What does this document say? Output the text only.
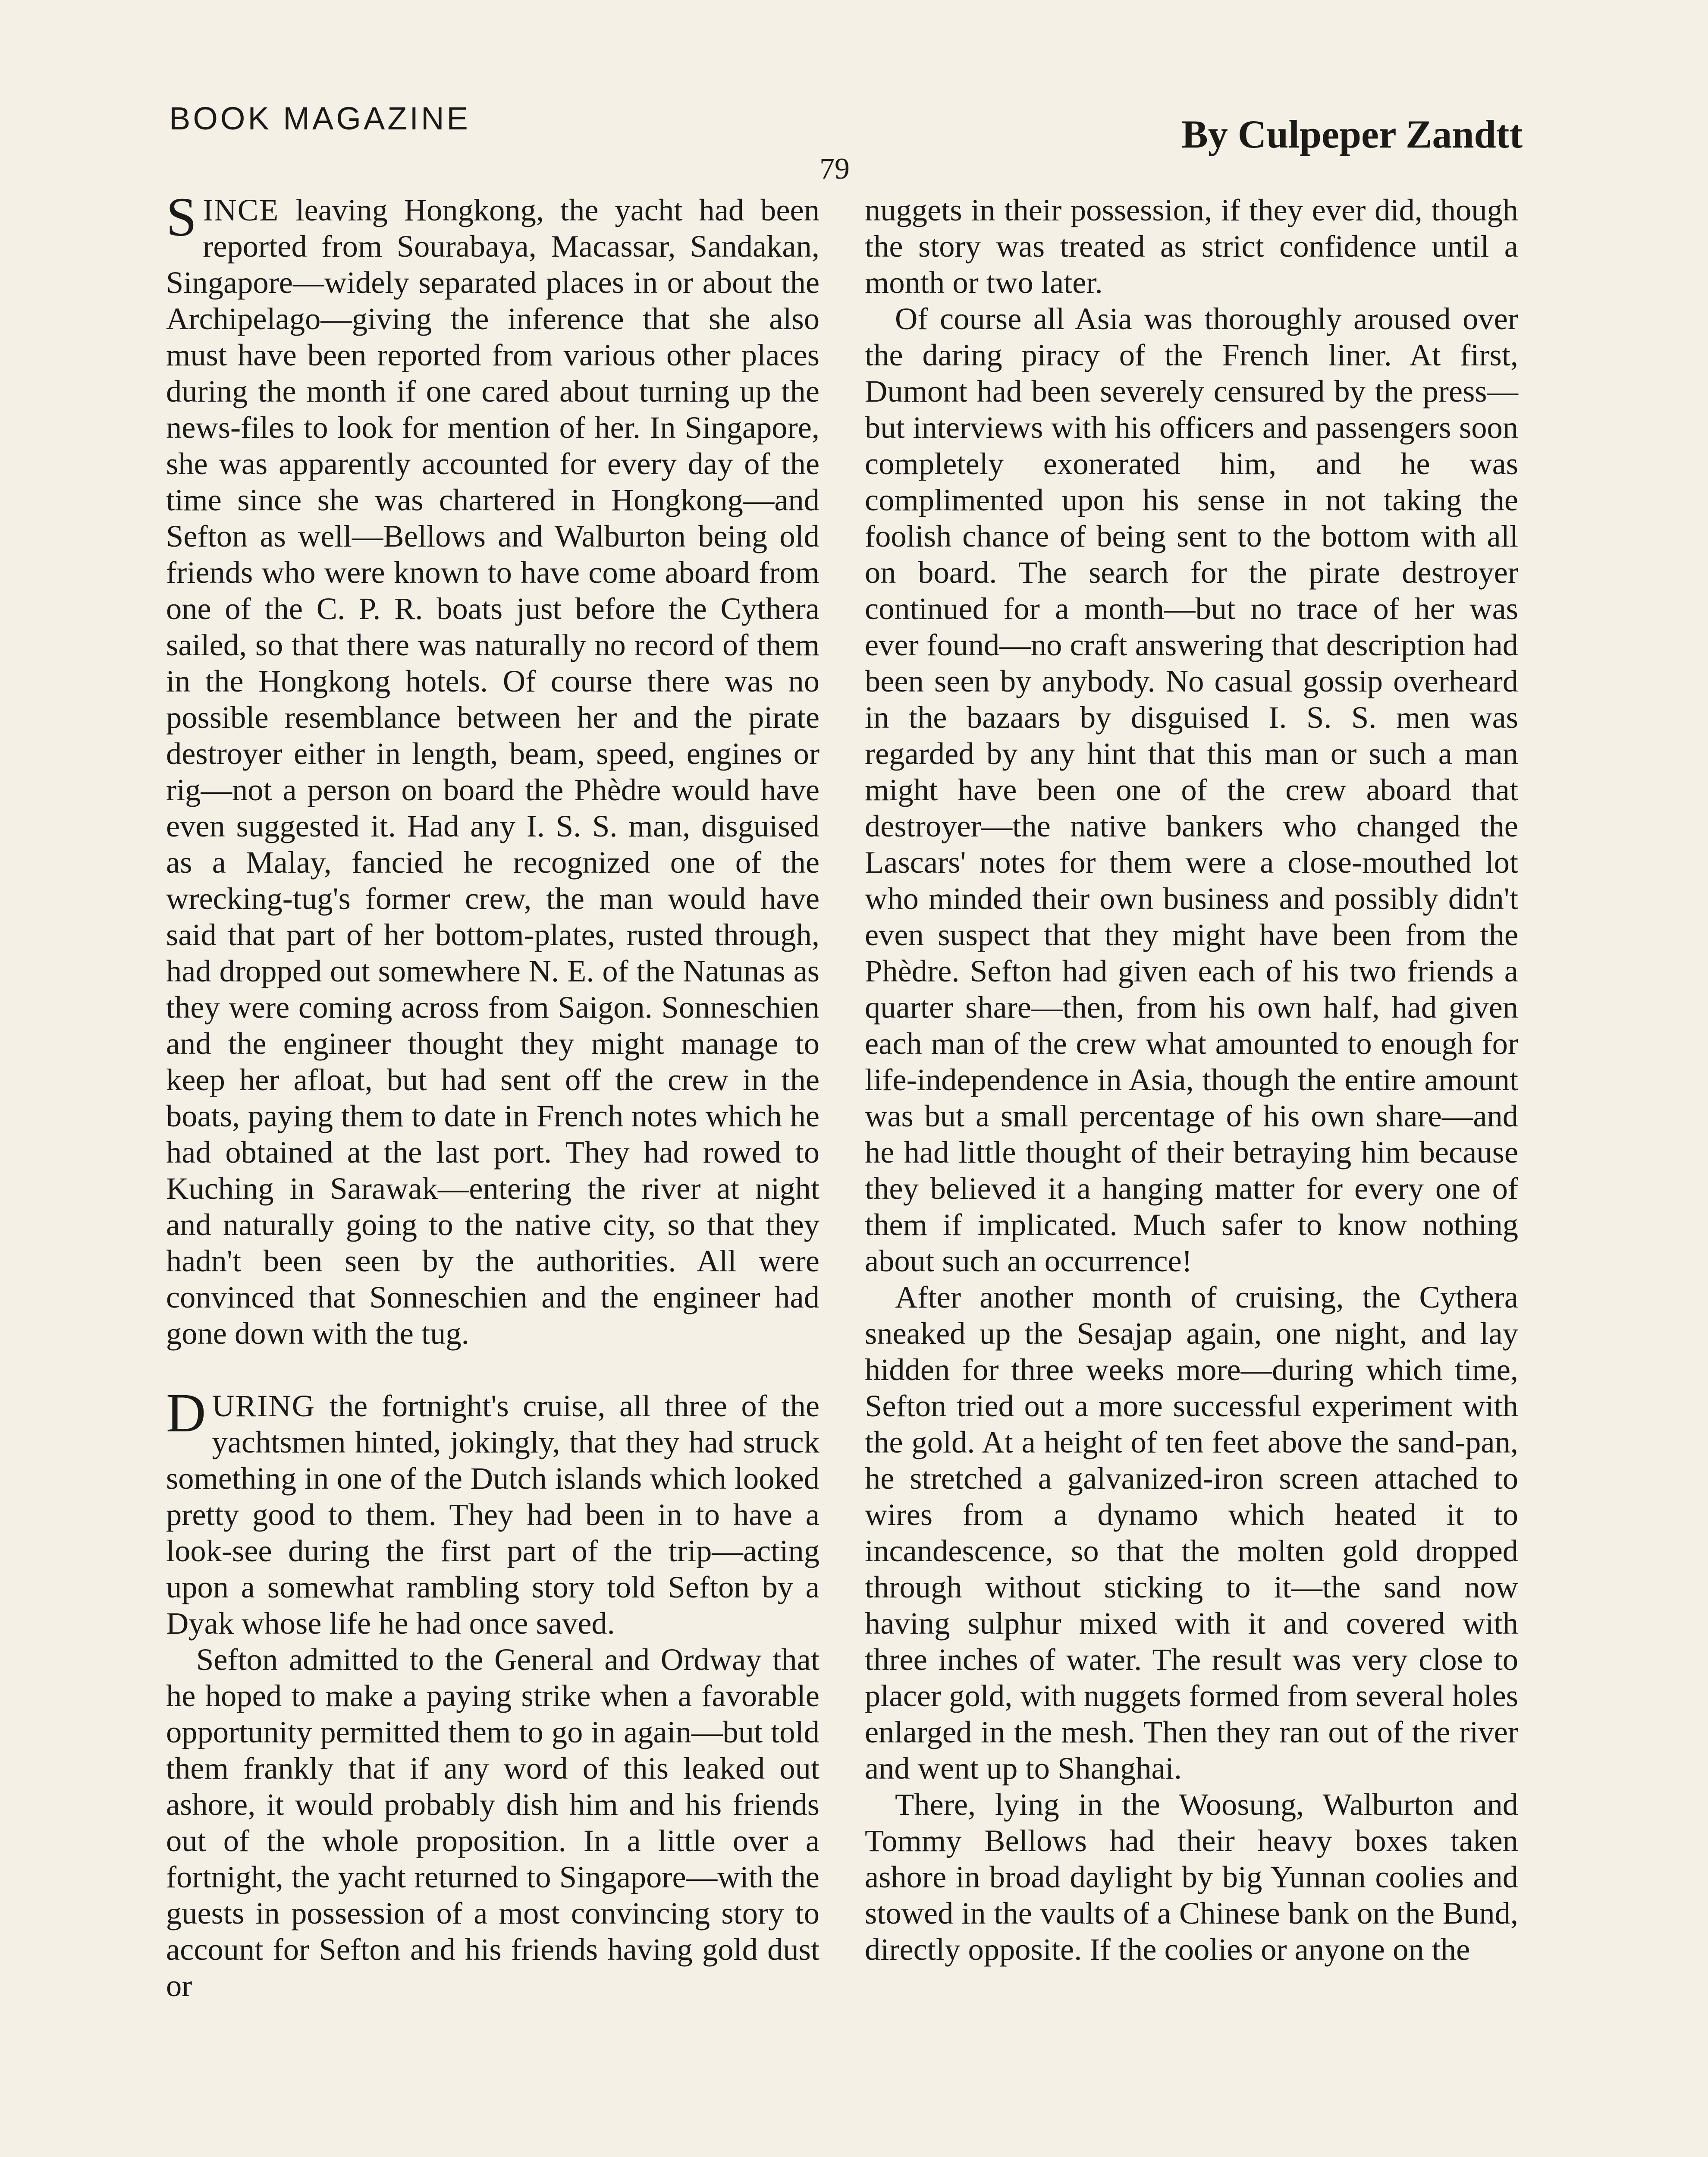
BOOK MAGAZINE	By Culpeper Zandtt
79

SINCE leaving Hongkong, the yacht had been reported from Sourabaya, Macassar, Sandakan, Singapore—widely separated places in or about the Archipelago—giving the inference that she also must have been reported from various other places during the month if one cared about turning up the news-files to look for mention of her. In Singapore, she was apparently accounted for every day of the time since she was chartered in Hongkong—and Sefton as well—Bellows and Walburton being old friends who were known to have come aboard from one of the C. P. R. boats just before the Cythera sailed, so that there was naturally no record of them in the Hongkong hotels. Of course there was no possible resemblance between her and the pirate destroyer either in length, beam, speed, engines or rig—not a person on board the Phèdre would have even suggested it. Had any I. S. S. man, disguised as a Malay, fancied he recognized one of the wrecking-tug's former crew, the man would have said that part of her bottom-plates, rusted through, had dropped out somewhere N. E. of the Natunas as they were coming across from Saigon. Sonneschien and the engineer thought they might manage to keep her afloat, but had sent off the crew in the boats, paying them to date in French notes which he had obtained at the last port. They had rowed to Kuching in Sarawak—entering the river at night and naturally going to the native city, so that they hadn't been seen by the authorities. All were convinced that Sonneschien and the engineer had gone down with the tug.

DURING the fortnight's cruise, all three of the yachtsmen hinted, jokingly, that they had struck something in one of the Dutch islands which looked pretty good to them. They had been in to have a look-see during the first part of the trip—acting upon a somewhat rambling story told Sefton by a Dyak whose life he had once saved.

Sefton admitted to the General and Ordway that he hoped to make a paying strike when a favorable opportunity permitted them to go in again—but told them frankly that if any word of this leaked out ashore, it would probably dish him and his friends out of the whole proposition. In a little over a fortnight, the yacht returned to Singapore—with the guests in possession of a most convincing story to account for Sefton and his friends having gold dust or

nuggets in their possession, if they ever did, though the story was treated as strict confidence until a month or two later.

Of course all Asia was thoroughly aroused over the daring piracy of the French liner. At first, Dumont had been severely censured by the press—but interviews with his officers and passengers soon completely exonerated him, and he was complimented upon his sense in not taking the foolish chance of being sent to the bottom with all on board. The search for the pirate destroyer continued for a month—but no trace of her was ever found—no craft answering that description had been seen by anybody. No casual gossip overheard in the bazaars by disguised I. S. S. men was regarded by any hint that this man or such a man might have been one of the crew aboard that destroyer—the native bankers who changed the Lascars' notes for them were a close-mouthed lot who minded their own business and possibly didn't even suspect that they might have been from the Phèdre. Sefton had given each of his two friends a quarter share—then, from his own half, had given each man of the crew what amounted to enough for life-independence in Asia, though the entire amount was but a small percentage of his own share—and he had little thought of their betraying him because they believed it a hanging matter for every one of them if implicated. Much safer to know nothing about such an occurrence!

After another month of cruising, the Cythera sneaked up the Sesajap again, one night, and lay hidden for three weeks more—during which time, Sefton tried out a more successful experiment with the gold. At a height of ten feet above the sand-pan, he stretched a galvanized-iron screen attached to wires from a dynamo which heated it to incandescence, so that the molten gold dropped through without sticking to it—the sand now having sulphur mixed with it and covered with three inches of water. The result was very close to placer gold, with nuggets formed from several holes enlarged in the mesh. Then they ran out of the river and went up to Shanghai.

There, lying in the Woosung, Walburton and Tommy Bellows had their heavy boxes taken ashore in broad daylight by big Yunnan coolies and stowed in the vaults of a Chinese bank on the Bund, directly opposite. If the coolies or anyone on the
